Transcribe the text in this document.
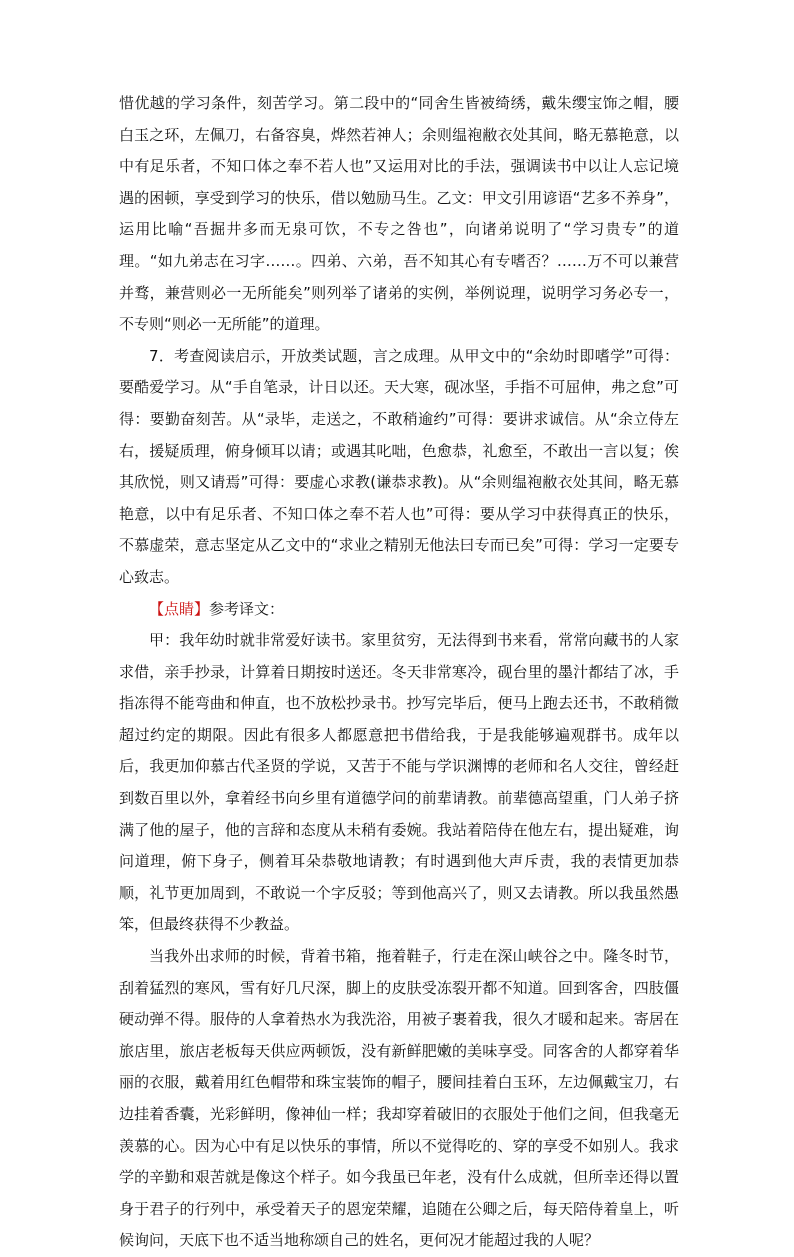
惜优越的学习条件，刻苦学习。第二段中的“同舍生皆被绮绣，戴朱缨宝饰之帽，腰白玉之环，左佩刀，右备容臭，烨然若神人；余则缊袍敝衣处其间，略无慕艳意，以中有足乐者，不知口体之奉不若人也”又运用对比的手法，强调读书中以让人忘记境遇的困顿，享受到学习的快乐，借以勉励马生。乙文：甲文引用谚语“艺多不养身”，运用比喻“吾掘井多而无泉可饮，不专之咎也”，向诸弟说明了“学习贵专”的道理。“如九弟志在习字……。四弟、六弟，吾不知其心有专嗜否？……万不可以兼营并骛，兼营则必一无所能矣”则列举了诸弟的实例，举例说理，说明学习务必专一，不专则“则必一无所能”的道理。

7．考查阅读启示，开放类试题，言之成理。从甲文中的“余幼时即嗜学”可得：要酷爱学习。从“手自笔录，计日以还。天大寒，砚冰坚，手指不可屈伸，弗之怠”可得：要勤奋刻苦。从“录毕，走送之，不敢稍逾约”可得：要讲求诚信。从“余立侍左右，援疑质理，俯身倾耳以请；或遇其叱咄，色愈恭，礼愈至，不敢出一言以复；俟其欣悦，则又请焉”可得：要虚心求教(谦恭求教)。从“余则缊袍敝衣处其间，略无慕艳意，以中有足乐者、不知口体之奉不若人也”可得：要从学习中获得真正的快乐，不慕虚荣，意志坚定从乙文中的“求业之精别无他法曰专而已矣”可得：学习一定要专心致志。

【点睛】参考译文：

甲：我年幼时就非常爱好读书。家里贫穷，无法得到书来看，常常向藏书的人家求借，亲手抄录，计算着日期按时送还。冬天非常寒冷，砚台里的墨汁都结了冰，手指冻得不能弯曲和伸直，也不放松抄录书。抄写完毕后，便马上跑去还书，不敢稍微超过约定的期限。因此有很多人都愿意把书借给我，于是我能够遍观群书。成年以后，我更加仰慕古代圣贤的学说，又苦于不能与学识渊博的老师和名人交往，曾经赶到数百里以外，拿着经书向乡里有道德学问的前辈请教。前辈德高望重，门人弟子挤满了他的屋子，他的言辞和态度从未稍有委婉。我站着陪侍在他左右，提出疑难，询问道理，俯下身子，侧着耳朵恭敬地请教；有时遇到他大声斥责，我的表情更加恭顺，礼节更加周到，不敢说一个字反驳；等到他高兴了，则又去请教。所以我虽然愚笨，但最终获得不少教益。

当我外出求师的时候，背着书箱，拖着鞋子，行走在深山峡谷之中。隆冬时节，刮着猛烈的寒风，雪有好几尺深，脚上的皮肤受冻裂开都不知道。回到客舍，四肢僵硬动弹不得。服侍的人拿着热水为我洗浴，用被子裹着我，很久才暖和起来。寄居在旅店里，旅店老板每天供应两顿饭，没有新鲜肥嫩的美味享受。同客舍的人都穿着华丽的衣服，戴着用红色帽带和珠宝装饰的帽子，腰间挂着白玉环，左边佩戴宝刀，右边挂着香囊，光彩鲜明，像神仙一样；我却穿着破旧的衣服处于他们之间，但我毫无羡慕的心。因为心中有足以快乐的事情，所以不觉得吃的、穿的享受不如别人。我求学的辛勤和艰苦就是像这个样子。如今我虽已年老，没有什么成就，但所幸还得以置身于君子的行列中，承受着天子的恩宠荣耀，追随在公卿之后，每天陪侍着皇上，听候询问，天底下也不适当地称颂自己的姓名，更何况才能超过我的人呢？
